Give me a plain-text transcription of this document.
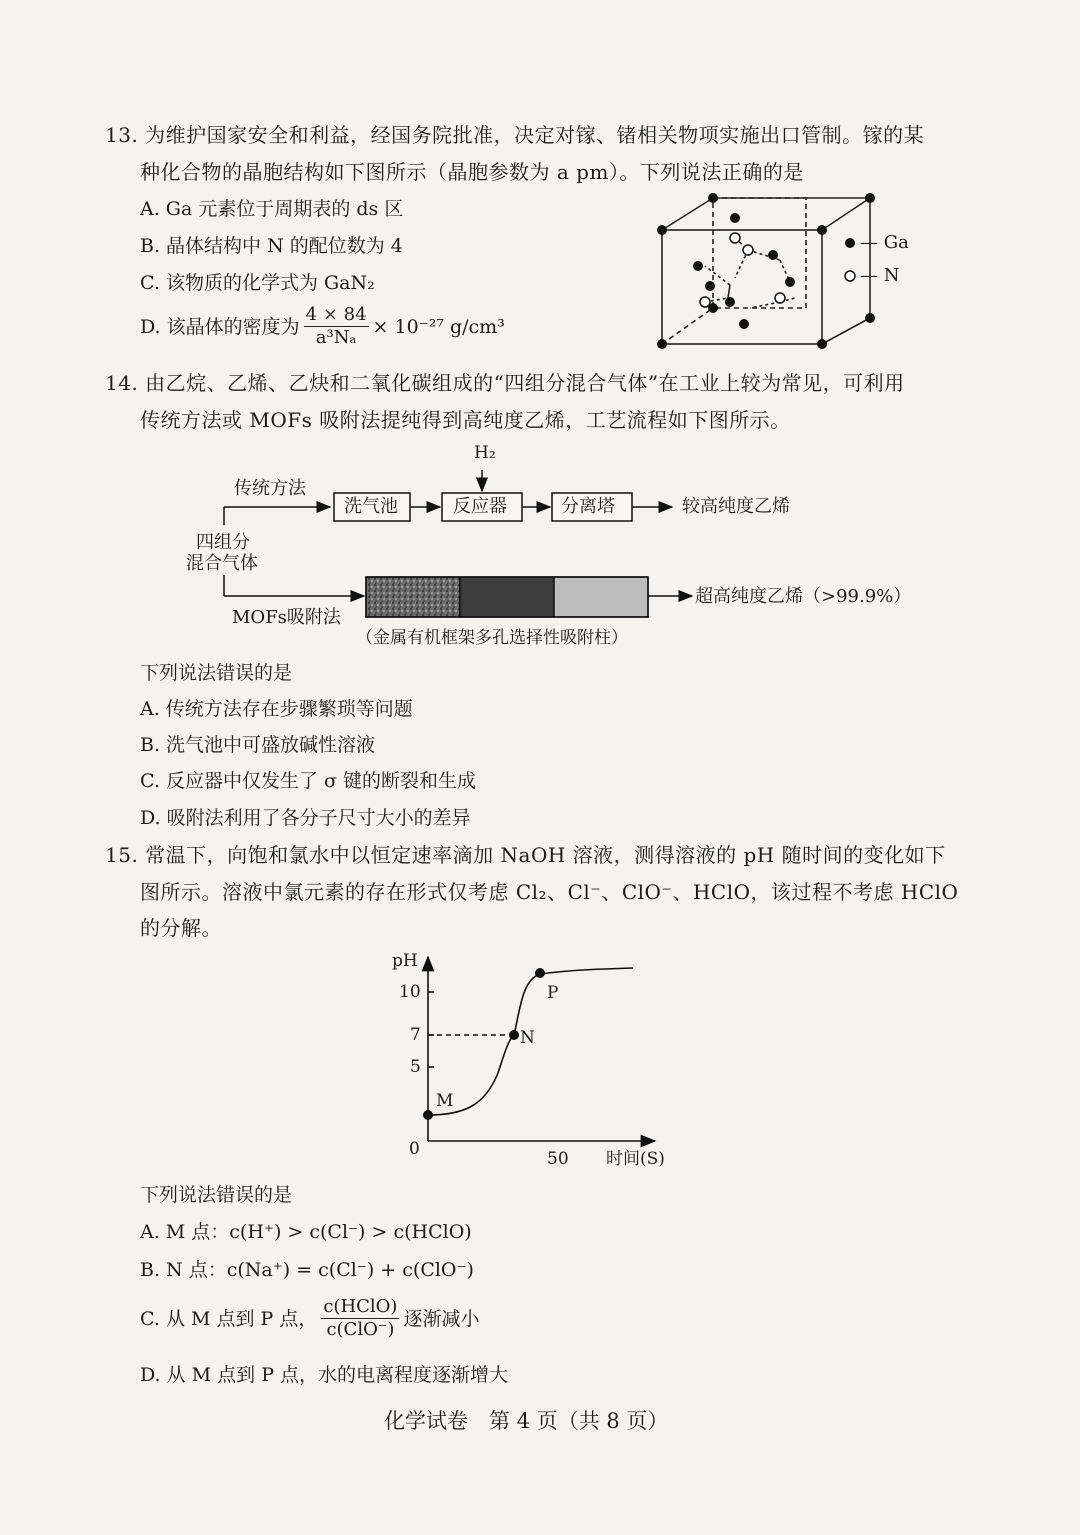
13. 为维护国家安全和利益，经国务院批准，决定对镓、锗相关物项实施出口管制。镓的某
种化合物的晶胞结构如下图所示（晶胞参数为 a pm）。下列说法正确的是
A. Ga 元素位于周期表的 ds 区
B. 晶体结构中 N 的配位数为 4
C. 该物质的化学式为 GaN₂
D. 该晶体的密度为 $\frac{4 \times 84}{\text{a³Nₐ}} \times 10^{-27}$ g/cm³
— Ga
— N
14. 由乙烷、乙烯、乙炔和二氧化碳组成的“四组分混合气体”在工业上较为常见，可利用
传统方法或 MOFs 吸附法提纯得到高纯度乙烯，工艺流程如下图所示。
H₂
传统方法
洗气池	反应器	分离塔	较高纯度乙烯
四组分
混合气体
超高纯度乙烯（>99.9%）
MOFs吸附法
（金属有机框架多孔选择性吸附柱）
下列说法错误的是
A. 传统方法存在步骤繁琐等问题
B. 洗气池中可盛放碱性溶液
C. 反应器中仅发生了 σ 键的断裂和生成
D. 吸附法利用了各分子尺寸大小的差异
15. 常温下，向饱和氯水中以恒定速率滴加 NaOH 溶液，测得溶液的 pH 随时间的变化如下
图所示。溶液中氯元素的存在形式仅考虑 Cl₂、Cl⁻、ClO⁻、HClO，该过程不考虑 HClO
的分解。
pH
10
7
5
0	50 时间(S)
M
N
P
下列说法错误的是
A. M 点：c(H⁺) > c(Cl⁻) > c(HClO)
B. N 点：c(Na⁺) = c(Cl⁻) + c(ClO⁻)
C. 从 M 点到 P 点， $\frac{\text{c(HClO)}}{\text{c(ClO⁻)}}$ 逐渐减小
D. 从 M 点到 P 点，水的电离程度逐渐增大
化学试卷　第 4 页（共 8 页）
